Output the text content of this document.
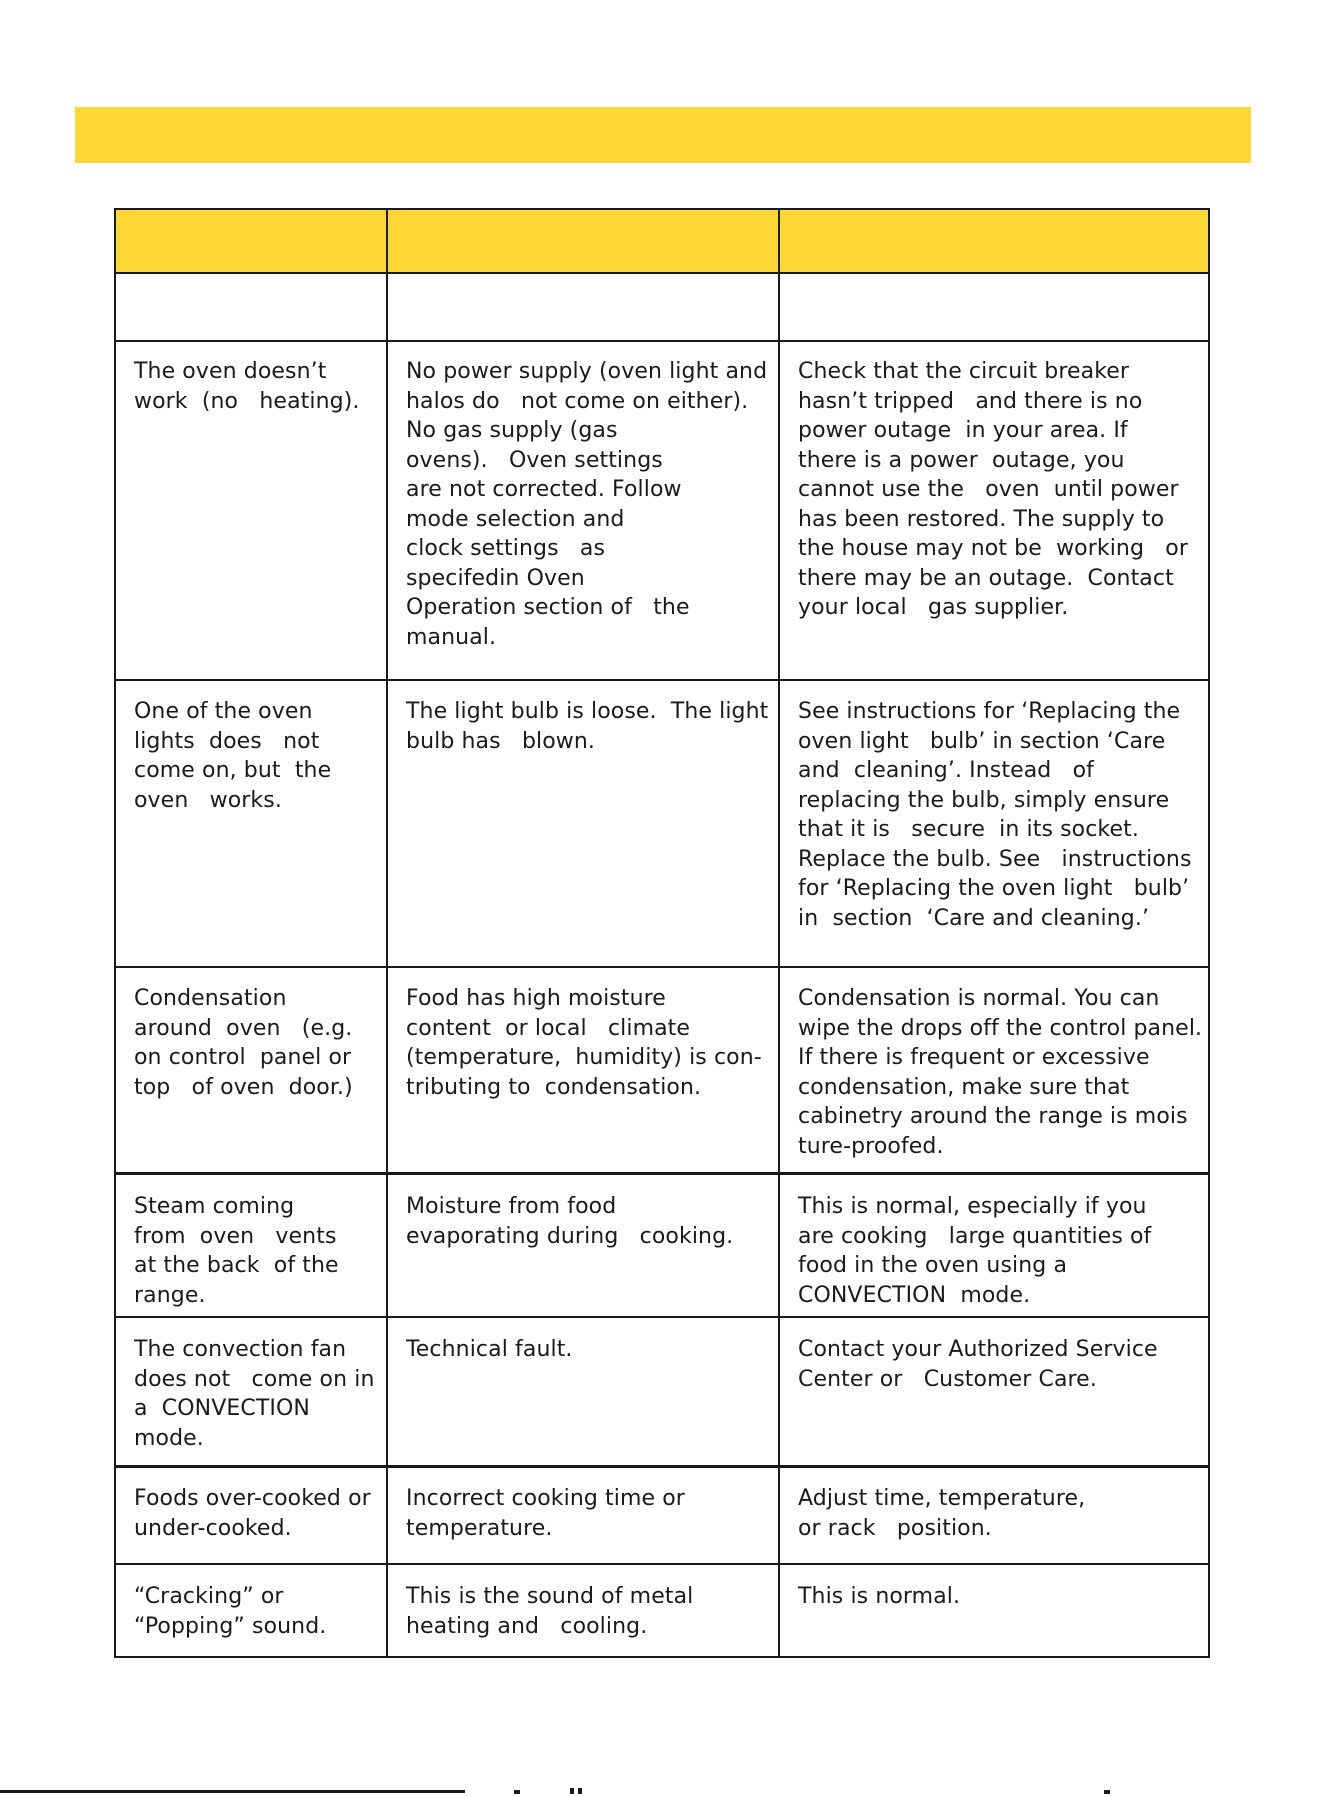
The oven doesn’t
work  (no   heating).
No power supply (oven light and
halos do   not come on either).
No gas supply (gas
ovens).   Oven settings
are not corrected. Follow
mode selection and
clock settings   as
specifedin Oven
Operation section of   the
manual.
Check that the circuit breaker
hasn’t tripped   and there is no
power outage  in your area. If
there is a power  outage, you
cannot use the   oven  until power
has been restored. The supply to
the house may not be  working   or
there may be an outage.  Contact
your local   gas supplier.
One of the oven
lights  does   not
come on, but  the
oven   works.
The light bulb is loose.  The light
bulb has   blown.
See instructions for ‘Replacing the
oven light   bulb’ in section ‘Care
and  cleaning’. Instead   of
replacing the bulb, simply ensure
that it is   secure  in its socket.
Replace the bulb. See   instructions
for ‘Replacing the oven light   bulb’
in  section  ‘Care and cleaning.’
Condensation
around  oven   (e.g.
on control  panel or
top   of oven  door.)
Food has high moisture
content  or local   climate
(temperature,  humidity) is con-
tributing to  condensation.
Condensation is normal. You can
wipe the drops off the control panel.
If there is frequent or excessive
condensation, make sure that
cabinetry around the range is mois
ture-proofed.
Steam coming
from  oven   vents
at the back  of the
range.
Moisture from food
evaporating during   cooking.
This is normal, especially if you
are cooking   large quantities of
food in the oven using a
CONVECTION  mode.
The convection fan
does not   come on in
a  CONVECTION
mode.
Technical fault.	Contact your Authorized Service
Center or   Customer Care.
Foods over-cooked or
under-cooked.
Incorrect cooking time or
temperature.
Adjust time, temperature,
or rack   position.
“Cracking” or
“Popping” sound.
This is the sound of metal
heating and   cooling.
This is normal.
